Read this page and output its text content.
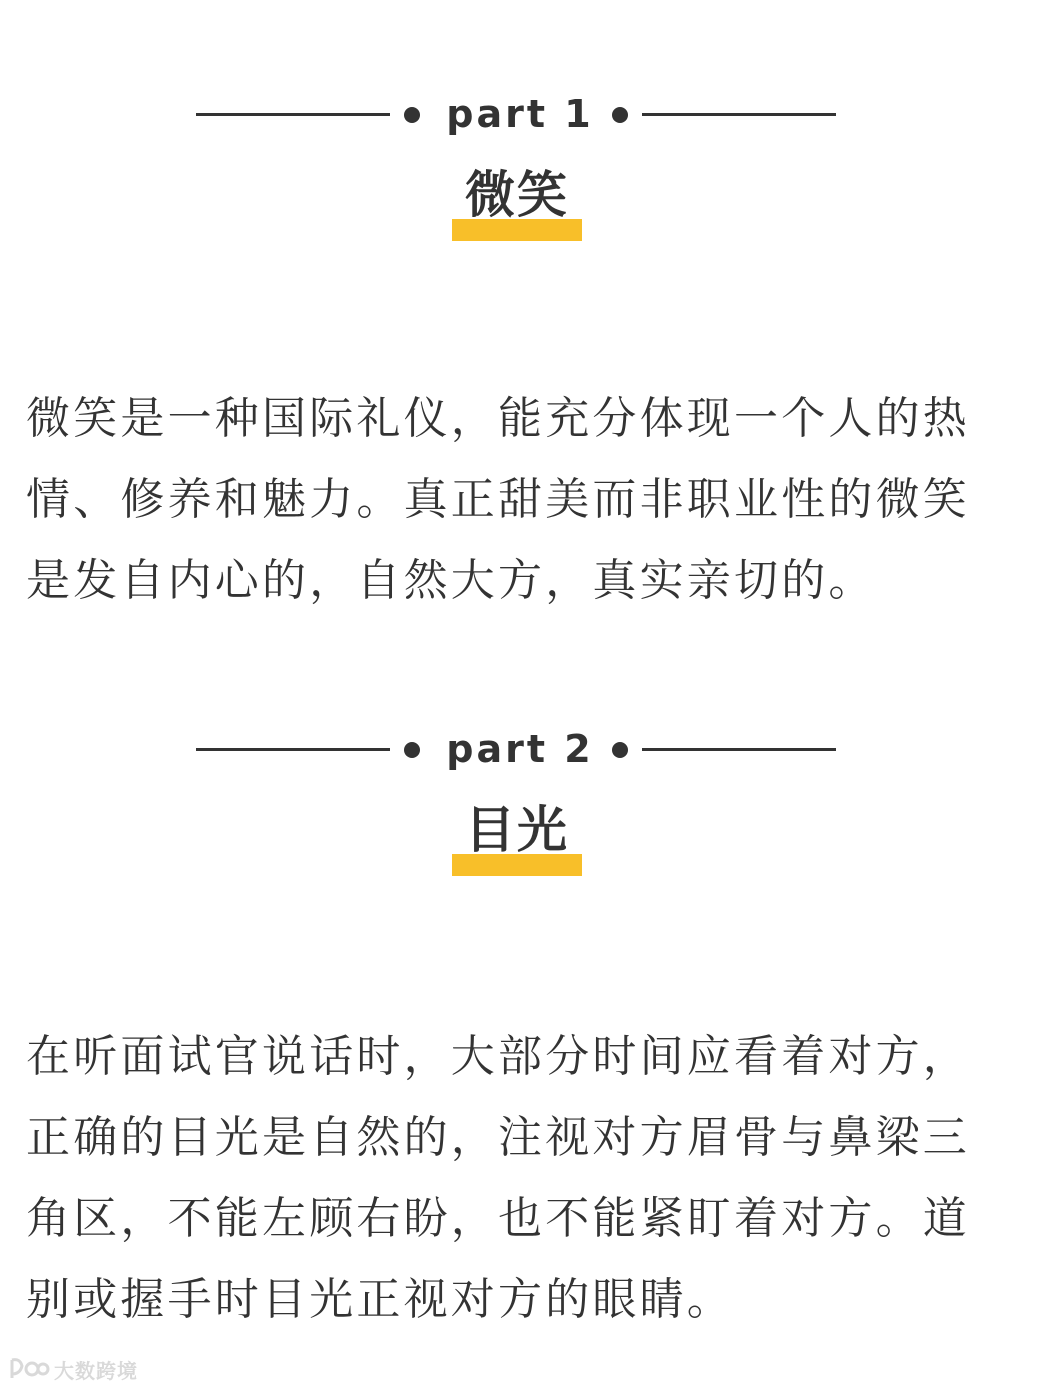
part 1
微笑

微笑是一种国际礼仪，能充分体现一个人的热情、修养和魅力。真正甜美而非职业性的微笑是发自内心的，自然大方，真实亲切的。

part 2
目光

在听面试官说话时，大部分时间应看着对方，正确的目光是自然的，注视对方眉骨与鼻梁三角区，不能左顾右盼，也不能紧盯着对方。道别或握手时目光正视对方的眼睛。

大数跨境
